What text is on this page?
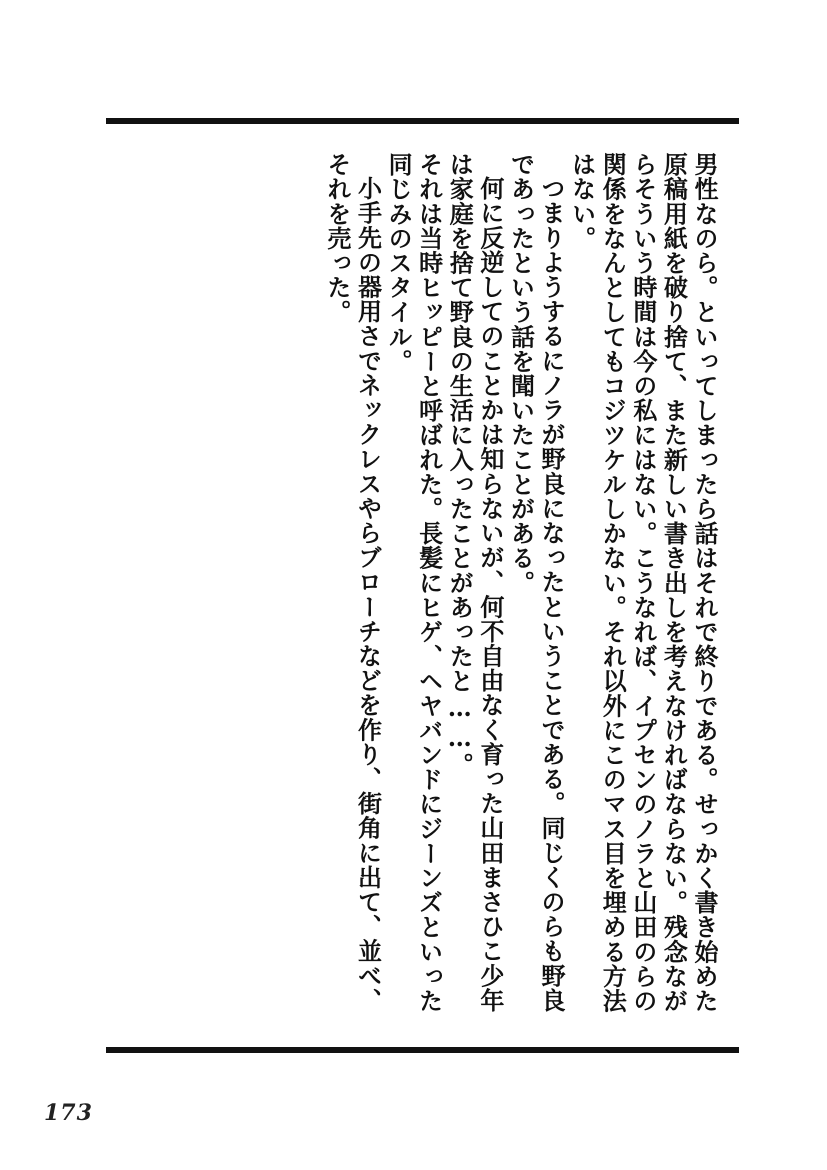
男性なのら。といってしまったら話はそれで終りである。せっかく書き始めた原稿用紙を破り捨て、また新しい書き出しを考えなければならない。残念ながらそういう時間は今の私にはない。こうなれば、イプセンのノラと山田のらの関係をなんとしてもコジツケルしかない。それ以外にこのマス目を埋める方法はない。

つまりようするにノラが野良になったということである。同じくのらも野良であったという話を聞いたことがある。

何に反逆してのことかは知らないが、何不自由なく育った山田まさひこ少年は家庭を捨て野良の生活に入ったことがあったと……。

それは当時ヒッピーと呼ばれた。長髪にヒゲ、ヘヤバンドにジーンズといった同じみのスタイル。

小手先の器用さでネックレスやらブローチなどを作り、街角に出て、並べ、それを売った。

173
